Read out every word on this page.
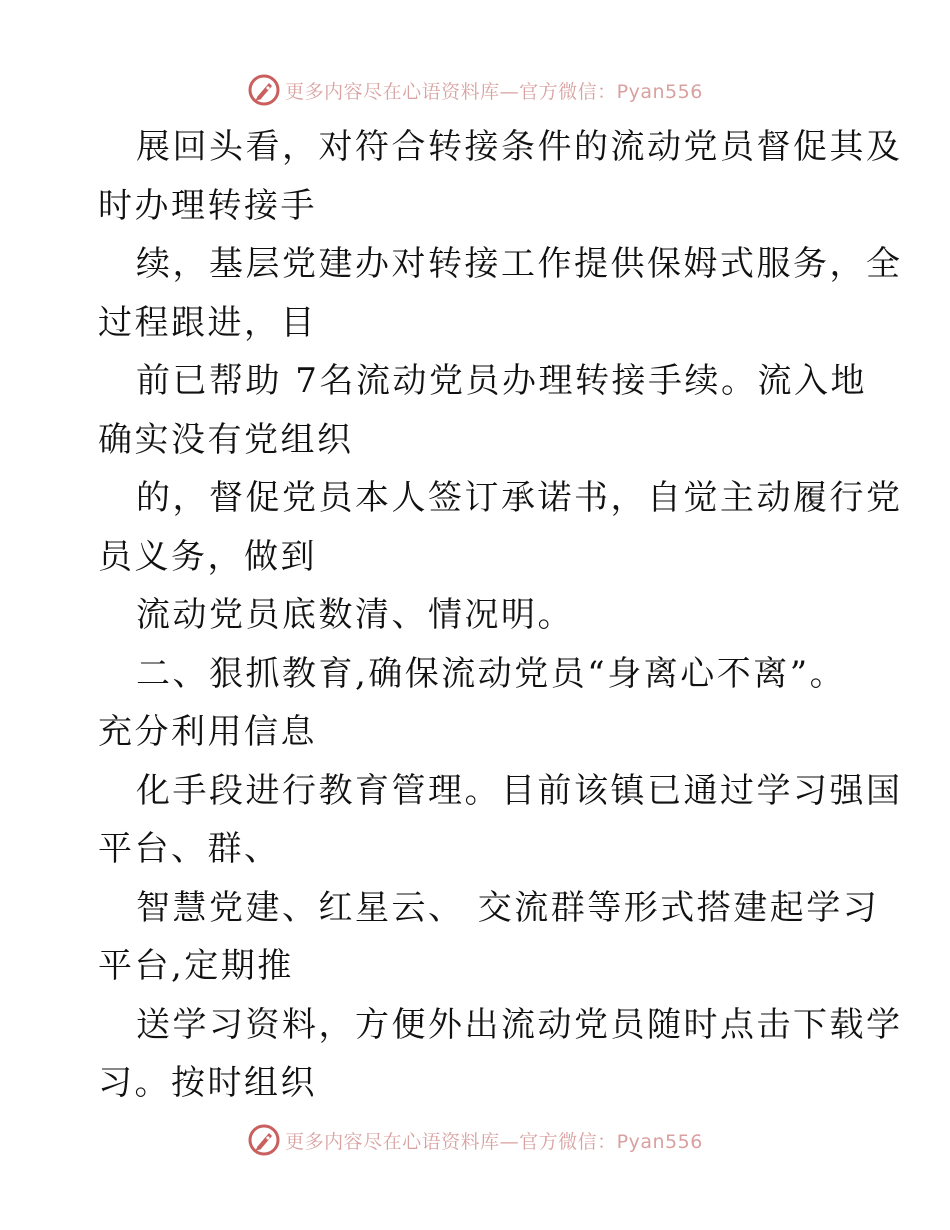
更多内容尽在心语资料库—官方微信：Pyan556
展回头看，对符合转接条件的流动党员督促其及
时办理转接手
续，基层党建办对转接工作提供保姆式服务，全
过程跟进，目
前已帮助 7名流动党员办理转接手续。流入地
确实没有党组织
的，督促党员本人签订承诺书，自觉主动履行党
员义务，做到
流动党员底数清、情况明。
二、狠抓教育,确保流动党员“身离心不离”。
充分利用信息
化手段进行教育管理。目前该镇已通过学习强国
平台、群、
智慧党建、红星云、 交流群等形式搭建起学习
平台,定期推
送学习资料，方便外出流动党员随时点击下载学
习。按时组织
更多内容尽在心语资料库—官方微信：Pyan556
